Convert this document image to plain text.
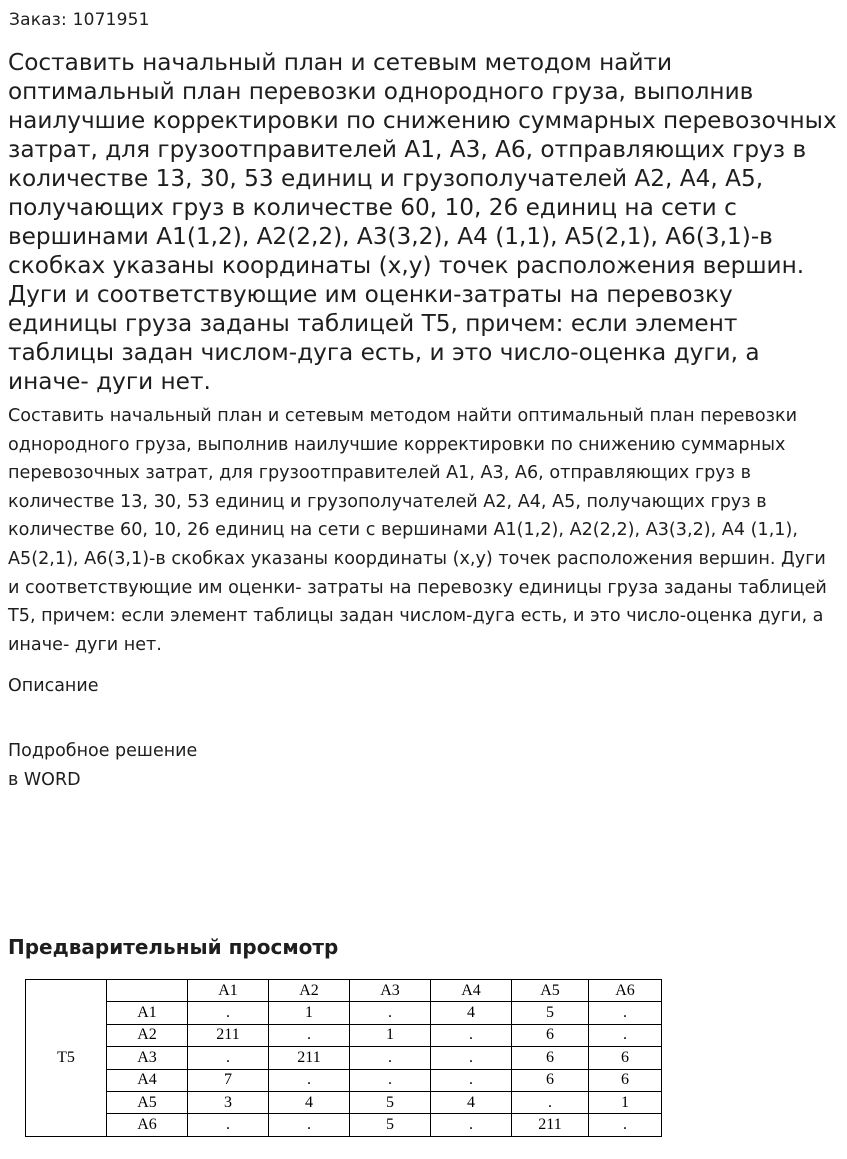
Заказ: 1071951
Составить начальный план и сетевым методом найти оптимальный план перевозки однородного груза, выполнив наилучшие корректировки по снижению суммарных перевозочных затрат, для грузоотправителей А1, А3, А6, отправляющих груз в количестве 13, 30, 53 единиц и грузополучателей А2, А4, А5, получающих груз в количестве 60, 10, 26 единиц на сети с вершинами А1(1,2), А2(2,2), А3(3,2), А4 (1,1), А5(2,1), А6(3,1)-в скобках указаны координаты (x,y) точек расположения вершин. Дуги и соответствующие им оценки-затраты на перевозку единицы груза заданы таблицей Т5, причем: если элемент таблицы задан числом-дуга есть, и это число-оценка дуги, а иначе- дуги нет.

Составить начальный план и сетевым методом найти оптимальный план перевозки однородного груза, выполнив наилучшие корректировки по снижению суммарных перевозочных затрат, для грузоотправителей А1, А3, А6, отправляющих груз в количестве 13, 30, 53 единиц и грузополучателей А2, А4, А5, получающих груз в количестве 60, 10, 26 единиц на сети с вершинами А1(1,2), А2(2,2), А3(3,2), А4 (1,1), А5(2,1), А6(3,1)-в скобках указаны координаты (x,y) точек расположения вершин. Дуги и соответствующие им оценки- затраты на перевозку единицы груза заданы таблицей Т5, причем: если элемент таблицы задан числом-дуга есть, и это число-оценка дуги, а иначе- дуги нет.

Описание
Подробное решение
в WORD
Предварительный просмотр
Т5		А1	А2	А3	А4	А5	А6
	А1	.	1	.	4	5	.
	А2	211	.	1	.	6	.
	А3	.	211	.	.	6	6
	А4	7	.	.	.	6	6
	А5	3	4	5	4	.	1
	А6	.	.	5	.	211	.
